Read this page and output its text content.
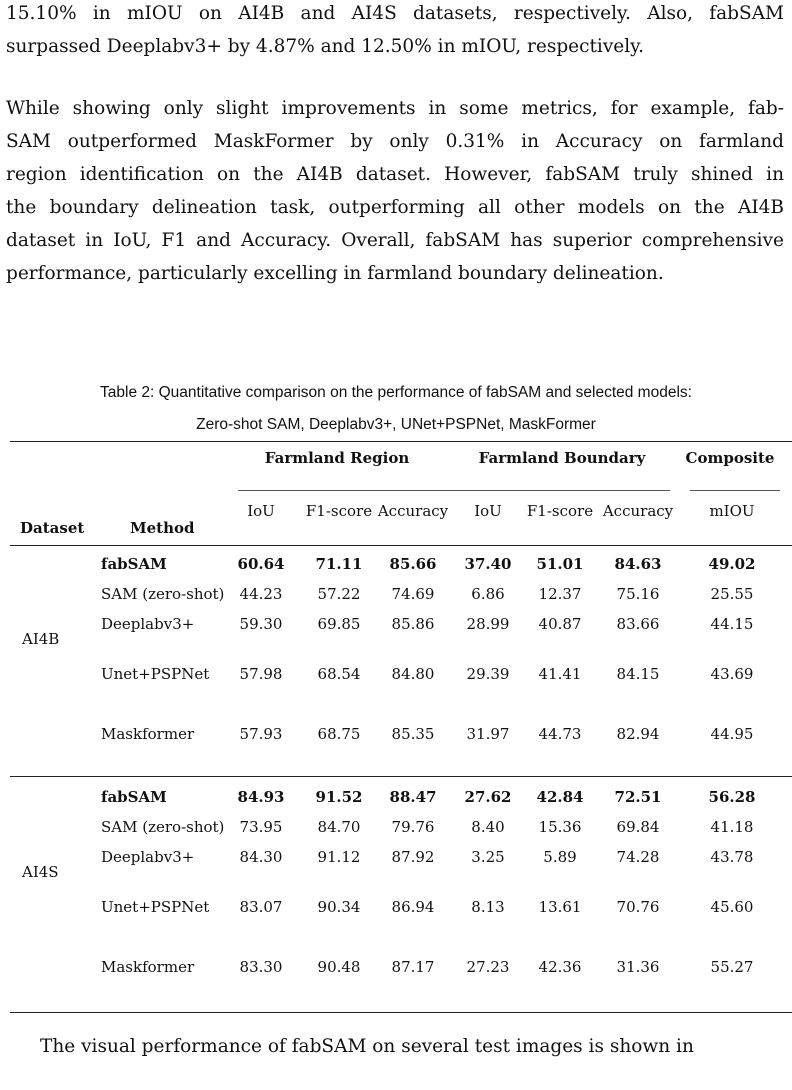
15.10% in mIOU on AI4B and AI4S datasets, respectively. Also, fabSAM
surpassed Deeplabv3+ by 4.87% and 12.50% in mIOU, respectively.
While showing only slight improvements in some metrics, for example, fab-
SAM outperformed MaskFormer by only 0.31% in Accuracy on farmland
region identification on the AI4B dataset. However, fabSAM truly shined in
the boundary delineation task, outperforming all other models on the AI4B
dataset in IoU, F1 and Accuracy. Overall, fabSAM has superior comprehensive
performance, particularly excelling in farmland boundary delineation.
Table 2: Quantitative comparison on the performance of fabSAM and selected models:
Zero-shot SAM, Deeplabv3+, UNet+PSPNet, MaskFormer
Farmland Region	Farmland Boundary	Composite
IoU F1-score Accuracy IoU F1-score Accuracy mIOU
Dataset	Method
AI4B
fabSAM	60.64 71.11 85.66 37.40 51.01 84.63	49.02
SAM (zero-shot) 44.23 57.22 74.69 6.86 12.37 75.16	25.55
Deeplabv3+	59.30 69.85 85.86 28.99 40.87 83.66	44.15
Unet+PSPNet 57.98 68.54 84.80 29.39 41.41 84.15	43.69
Maskformer	57.93 68.75 85.35 31.97 44.73 82.94	44.95
AI4S
fabSAM	84.93 91.52 88.47 27.62 42.84 72.51	56.28
SAM (zero-shot) 73.95 84.70 79.76 8.40 15.36 69.84	41.18
Deeplabv3+	84.30 91.12 87.92 3.25	5.89	74.28	43.78
Unet+PSPNet 83.07 90.34 86.94 8.13 13.61 70.76	45.60
Maskformer	83.30 90.48 87.17 27.23 42.36 31.36	55.27
The visual performance of fabSAM on several test images is shown in
